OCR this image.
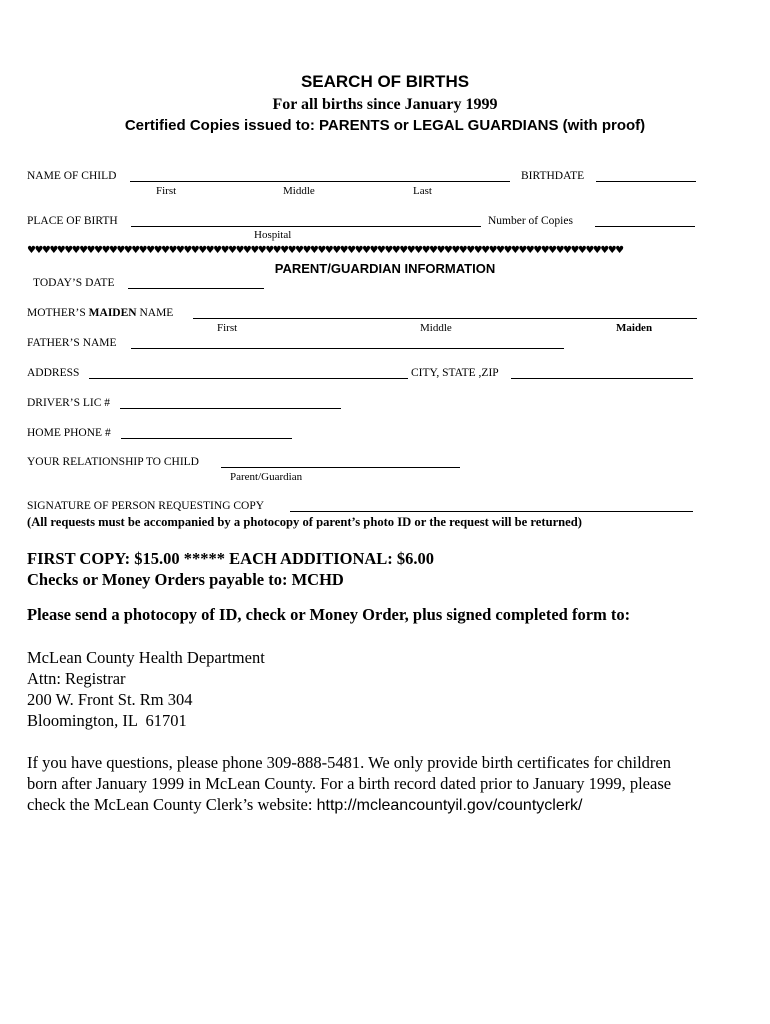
SEARCH OF BIRTHS
For all births since January 1999
Certified Copies issued to: PARENTS or LEGAL GUARDIANS (with proof)
NAME OF CHILD	BIRTHDATE
First	Middle	Last
PLACE OF BIRTH	Number of Copies
Hospital
♥♥♥♥♥♥♥♥♥♥♥♥♥♥♥♥♥♥♥♥♥♥♥♥♥♥♥♥♥♥♥♥♥♥♥♥♥♥♥♥♥♥♥♥♥♥♥♥♥♥♥♥♥♥♥♥♥♥♥♥♥♥♥♥♥♥♥♥♥♥♥♥♥♥♥♥♥♥♥♥
PARENT/GUARDIAN INFORMATION
TODAY’S DATE
MOTHER’S MAIDEN NAME
First	Middle	Maiden
FATHER’S NAME
ADDRESS	CITY, STATE ,ZIP
DRIVER’S LIC #
HOME PHONE #
YOUR RELATIONSHIP TO CHILD
Parent/Guardian
SIGNATURE OF PERSON REQUESTING COPY
(All requests must be accompanied by a photocopy of parent’s photo ID or the request will be returned)
FIRST COPY: $15.00 ***** EACH ADDITIONAL: $6.00
Checks or Money Orders payable to: MCHD
Please send a photocopy of ID, check or Money Order, plus signed completed form to:
McLean County Health Department
Attn: Registrar
200 W. Front St. Rm 304
Bloomington, IL  61701
If you have questions, please phone 309-888-5481. We only provide birth certificates for children
born after January 1999 in McLean County. For a birth record dated prior to January 1999, please
check the McLean County Clerk’s website: http://mcleancountyil.gov/countyclerk/
